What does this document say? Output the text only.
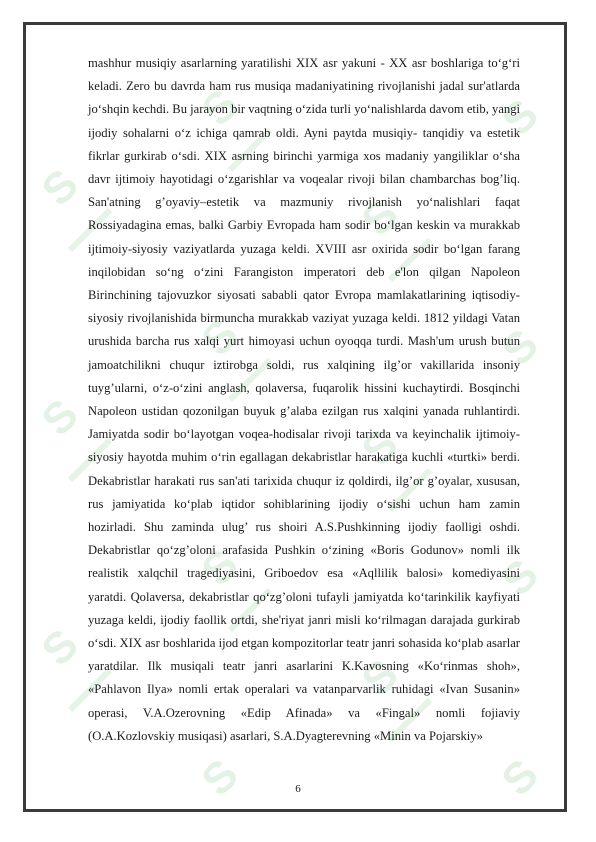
S
S
S
S
S
S
S
S
S
S
S
S
S
S

mashhur musiqiy asarlarning yaratilishi XIX asr yakuni - XX asr boshlariga to‘g‘ri keladi. Zero bu davrda ham rus musiqa madaniyatining rivojlanishi jadal sur'atlarda jo‘shqin kechdi. Bu jarayon bir vaqtning o‘zida turli yo‘nalishlarda davom etib, yangi ijodiy sohalarni o‘z ichiga qamrab oldi. Ayni paytda musiqiy- tanqidiy va estetik fikrlar gurkirab o‘sdi. XIX asrning birinchi yarmiga xos madaniy yangiliklar o‘sha davr ijtimoiy hayotidagi o‘zgarishlar va voqealar rivoji bilan chambarchas bog’liq. San'atning g’oyaviy–estetik va mazmuniy rivojlanish yo‘nalishlari faqat Rossiyadagina emas, balki Garbiy Evropada ham sodir bo‘lgan keskin va murakkab ijtimoiy-siyosiy vaziyatlarda yuzaga keldi. XVIII asr oxirida sodir bo‘lgan farang inqilobidan so‘ng o‘zini Farangiston imperatori deb e'lon qilgan Napoleon Birinchining tajovuzkor siyosati sababli qator Evropa mamlakatlarining iqtisodiy-siyosiy rivojlanishida birmuncha murakkab vaziyat yuzaga keldi. 1812 yildagi Vatan urushida barcha rus xalqi yurt himoyasi uchun oyoqqa turdi. Mash'um urush butun jamoatchilikni chuqur iztirobga soldi, rus xalqining ilg’or vakillarida insoniy tuyg’ularni, o‘z-o‘zini anglash, qolaversa, fuqarolik hissini kuchaytirdi. Bosqinchi Napoleon ustidan qozonilgan buyuk g’alaba ezilgan rus xalqini yanada ruhlantirdi. Jamiyatda sodir bo‘layotgan voqea-hodisalar rivoji tarixda va keyinchalik ijtimoiy-siyosiy hayotda muhim o‘rin egallagan dekabristlar harakatiga kuchli «turtki» berdi. Dekabristlar harakati rus san'ati tarixida chuqur iz qoldirdi, ilg’or g’oyalar, xususan, rus jamiyatida ko‘plab iqtidor sohiblarining ijodiy o‘sishi uchun ham zamin hozirladi. Shu zaminda ulug’ rus shoiri A.S.Pushkinning ijodiy faolligi oshdi. Dekabristlar qo‘zg’oloni arafasida Pushkin o‘zining «Boris Godunov» nomli ilk realistik xalqchil tragediyasini, Griboedov esa «Aqllilik balosi» komediyasini yaratdi. Qolaversa, dekabristlar qo‘zg’oloni tufayli jamiyatda ko‘tarinkilik kayfiyati yuzaga keldi, ijodiy faollik ortdi, she'riyat janri misli ko‘rilmagan darajada gurkirab o‘sdi. XIX asr boshlarida ijod etgan kompozitorlar teatr janri sohasida ko‘plab asarlar yaratdilar. Ilk musiqali teatr janri asarlarini K.Kavosning «Ko‘rinmas shoh», «Pahlavon Ilya» nomli ertak operalari va vatanparvarlik ruhidagi «Ivan Susanin» operasi, V.A.Ozerovning «Edip Afinada» va «Fingal» nomli fojiaviy (O.A.Kozlovskiy musiqasi) asarlari, S.A.Dyagterevning «Minin va Pojarskiy»

6
